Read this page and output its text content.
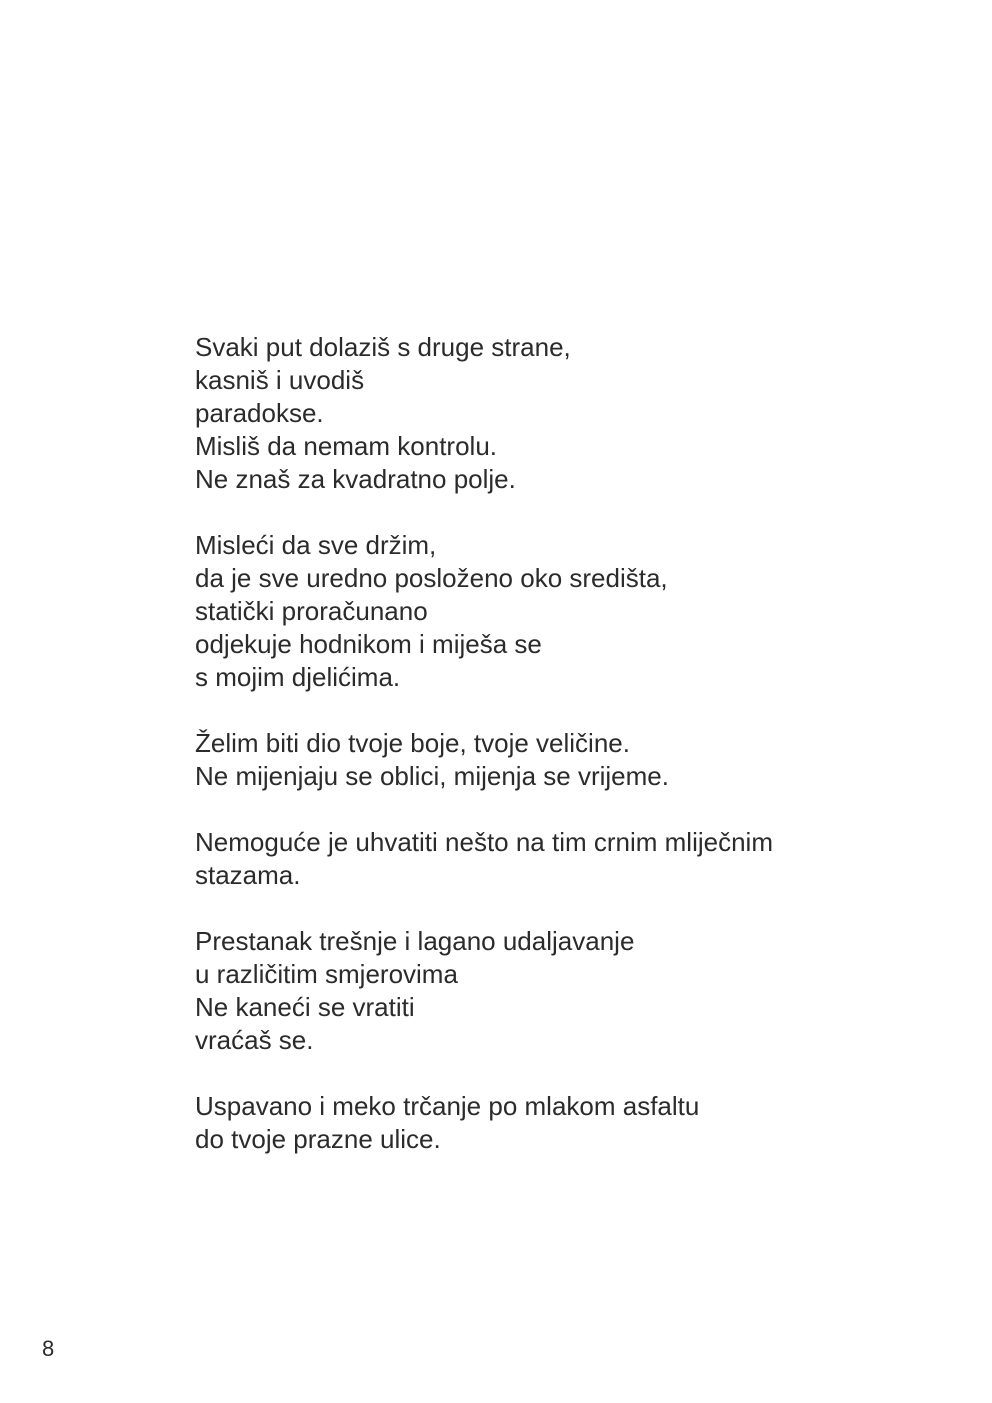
Svaki put dolaziš s druge strane,
kasniš i uvodiš
paradokse.
Misliš da nemam kontrolu.
Ne znaš za kvadratno polje.
Misleći da sve držim,
da je sve uredno posloženo oko središta,
statički proračunano
odjekuje hodnikom i miješa se
s mojim djelićima.
Želim biti dio tvoje boje, tvoje veličine.
Ne mijenjaju se oblici, mijenja se vrijeme.
Nemoguće je uhvatiti nešto na tim crnim mliječnim
stazama.
Prestanak trešnje i lagano udaljavanje
u različitim smjerovima
Ne kaneći se vratiti
vraćaš se.
Uspavano i meko trčanje po mlakom asfaltu
do tvoje prazne ulice.
8
